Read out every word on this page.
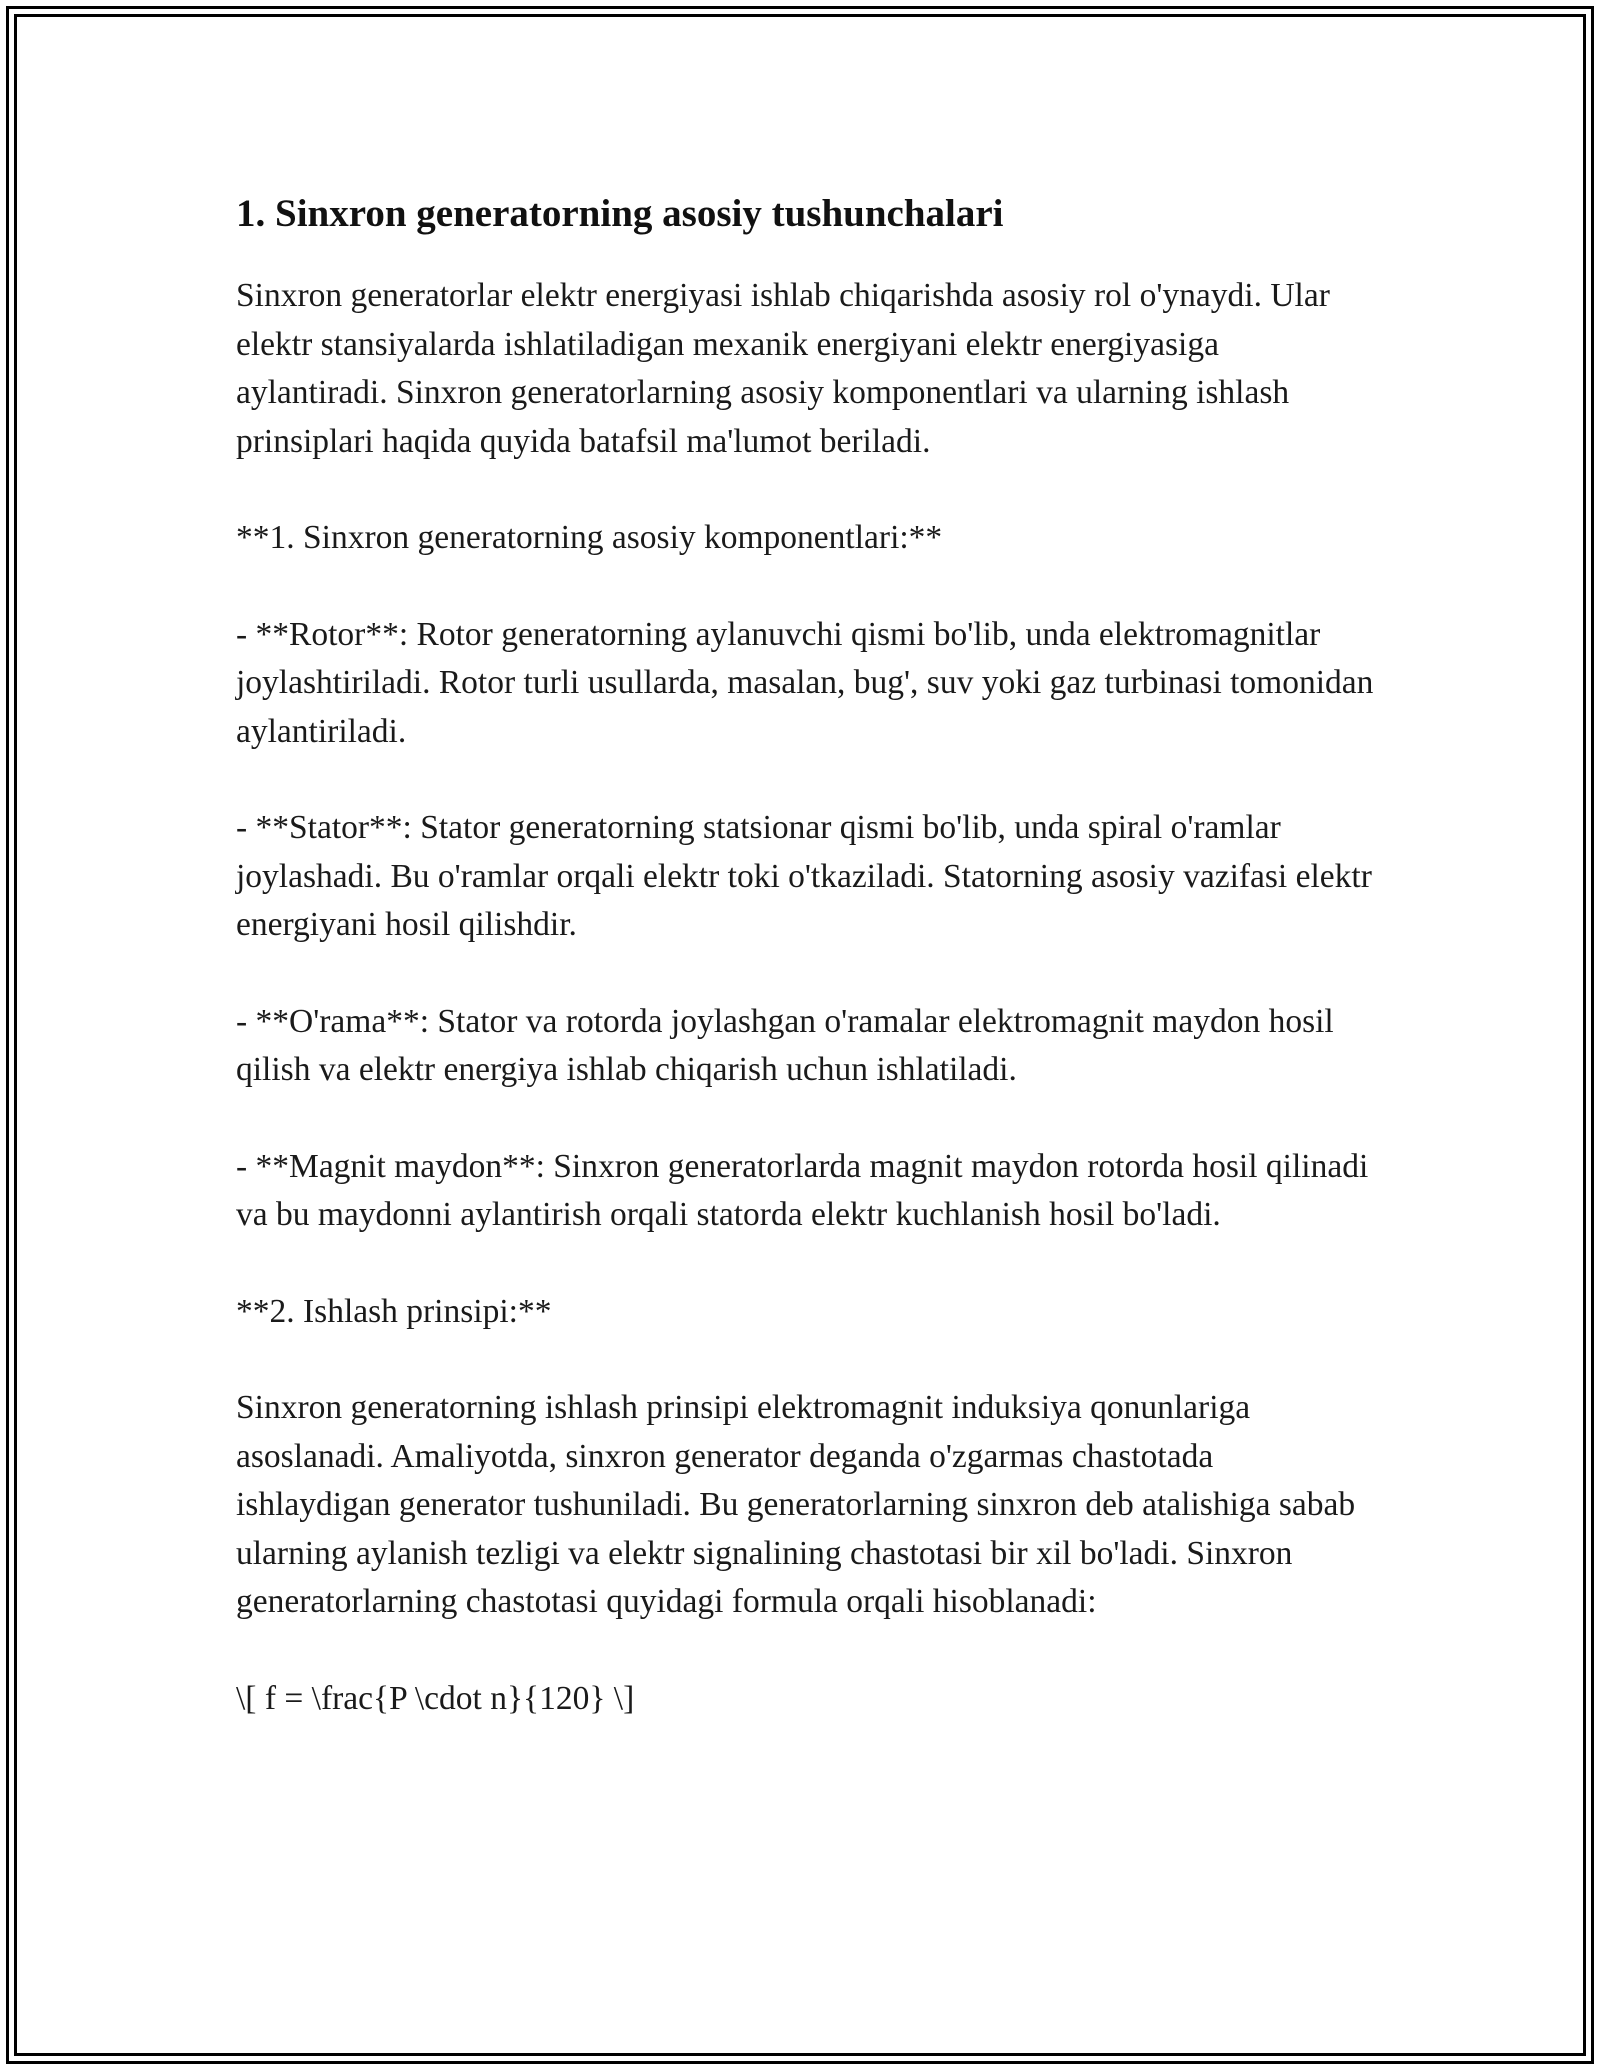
1. Sinxron generatorning asosiy tushunchalari

Sinxron generatorlar elektr energiyasi ishlab chiqarishda asosiy rol o'ynaydi. Ular elektr stansiyalarda ishlatiladigan mexanik energiyani elektr energiyasiga aylantiradi. Sinxron generatorlarning asosiy komponentlari va ularning ishlash prinsiplari haqida quyida batafsil ma'lumot beriladi.

**1. Sinxron generatorning asosiy komponentlari:**

- **Rotor**: Rotor generatorning aylanuvchi qismi bo'lib, unda elektromagnitlar joylashtiriladi. Rotor turli usullarda, masalan, bug', suv yoki gaz turbinasi tomonidan aylantiriladi.

- **Stator**: Stator generatorning statsionar qismi bo'lib, unda spiral o'ramlar joylashadi. Bu o'ramlar orqali elektr toki o'tkaziladi. Statorning asosiy vazifasi elektr energiyani hosil qilishdir.

- **O'rama**: Stator va rotorda joylashgan o'ramalar elektromagnit maydon hosil qilish va elektr energiya ishlab chiqarish uchun ishlatiladi.

- **Magnit maydon**: Sinxron generatorlarda magnit maydon rotorda hosil qilinadi va bu maydonni aylantirish orqali statorda elektr kuchlanish hosil bo'ladi.

**2. Ishlash prinsipi:**

Sinxron generatorning ishlash prinsipi elektromagnit induksiya qonunlariga asoslanadi. Amaliyotda, sinxron generator deganda o'zgarmas chastotada ishlaydigan generator tushuniladi. Bu generatorlarning sinxron deb atalishiga sabab ularning aylanish tezligi va elektr signalining chastotasi bir xil bo'ladi. Sinxron generatorlarning chastotasi quyidagi formula orqali hisoblanadi:

\[ f = \frac{P \cdot n}{120} \]
